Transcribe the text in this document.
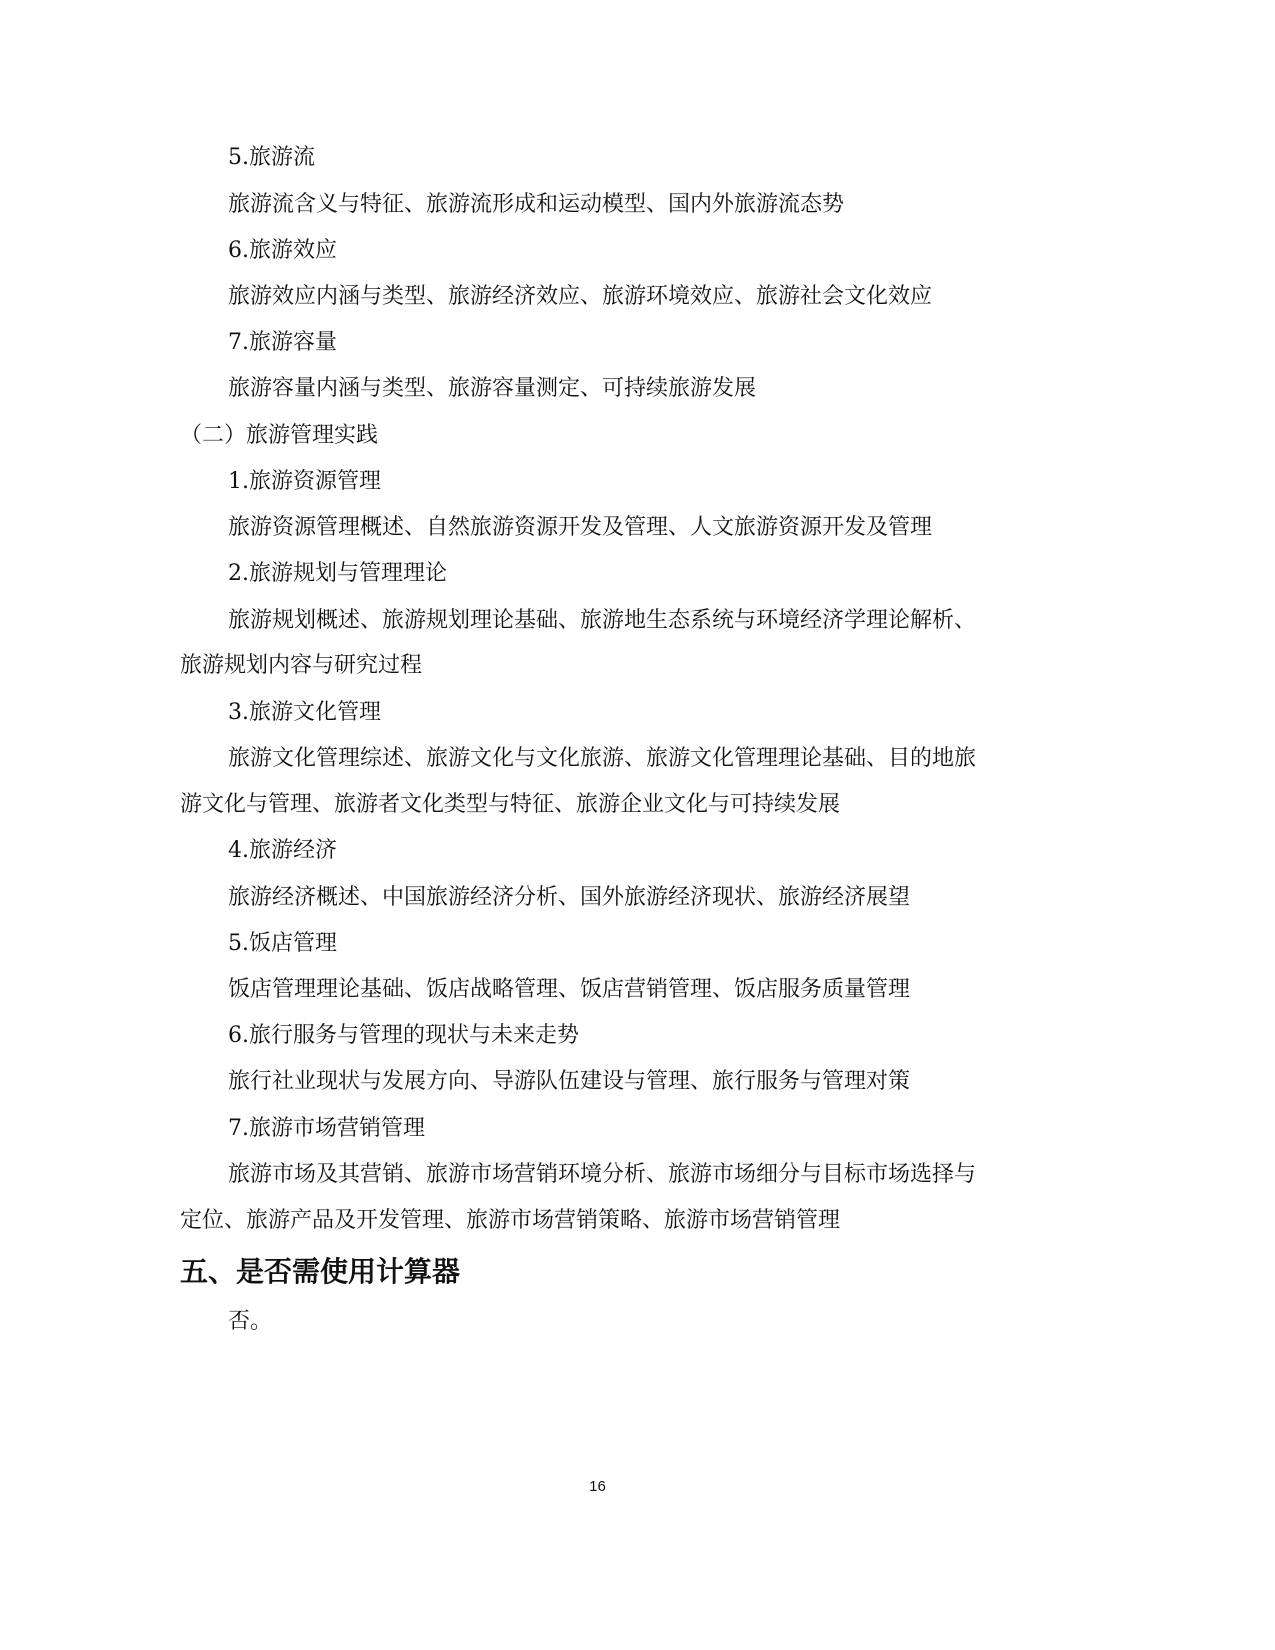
5.旅游流
旅游流含义与特征、旅游流形成和运动模型、国内外旅游流态势
6.旅游效应
旅游效应内涵与类型、旅游经济效应、旅游环境效应、旅游社会文化效应
7.旅游容量
旅游容量内涵与类型、旅游容量测定、可持续旅游发展
（二）旅游管理实践
1.旅游资源管理
旅游资源管理概述、自然旅游资源开发及管理、人文旅游资源开发及管理
2.旅游规划与管理理论
旅游规划概述、旅游规划理论基础、旅游地生态系统与环境经济学理论解析、
旅游规划内容与研究过程
3.旅游文化管理
旅游文化管理综述、旅游文化与文化旅游、旅游文化管理理论基础、目的地旅
游文化与管理、旅游者文化类型与特征、旅游企业文化与可持续发展
4.旅游经济
旅游经济概述、中国旅游经济分析、国外旅游经济现状、旅游经济展望
5.饭店管理
饭店管理理论基础、饭店战略管理、饭店营销管理、饭店服务质量管理
6.旅行服务与管理的现状与未来走势
旅行社业现状与发展方向、导游队伍建设与管理、旅行服务与管理对策
7.旅游市场营销管理
旅游市场及其营销、旅游市场营销环境分析、旅游市场细分与目标市场选择与
定位、旅游产品及开发管理、旅游市场营销策略、旅游市场营销管理
五、是否需使用计算器
否。
16
